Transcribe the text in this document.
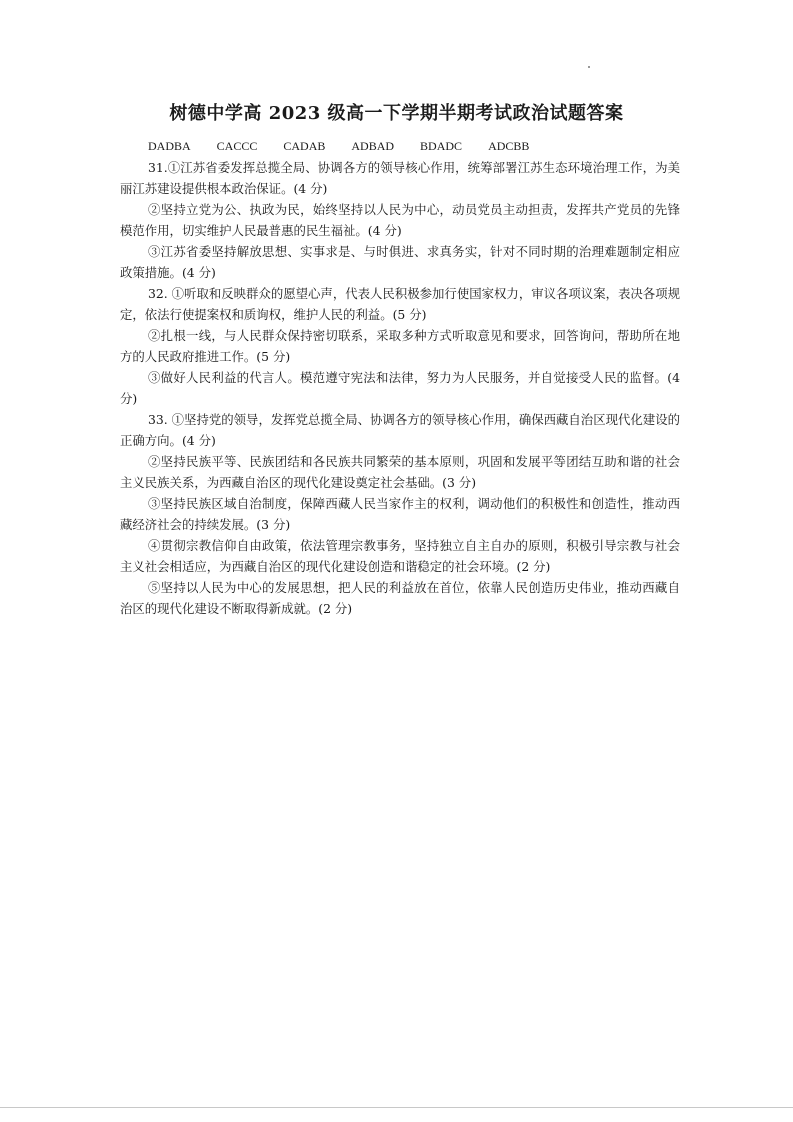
树德中学高 2023 级高一下学期半期考试政治试题答案
DADBA CACCC CADAB ADBAD BDADC ADCBB

31.①江苏省委发挥总揽全局、协调各方的领导核心作用，统筹部署江苏生态环境治理工作，为美丽江苏建设提供根本政治保证。(4 分)

②坚持立党为公、执政为民，始终坚持以人民为中心，动员党员主动担责，发挥共产党员的先锋模范作用，切实维护人民最普惠的民生福祉。(4 分)

③江苏省委坚持解放思想、实事求是、与时俱进、求真务实，针对不同时期的治理难题制定相应政策措施。(4 分)

32. ①听取和反映群众的愿望心声，代表人民积极参加行使国家权力，审议各项议案，表决各项规定，依法行使提案权和质询权，维护人民的利益。(5 分)

②扎根一线，与人民群众保持密切联系，采取多种方式听取意见和要求，回答询问，帮助所在地方的人民政府推进工作。(5 分)

③做好人民利益的代言人。模范遵守宪法和法律，努力为人民服务，并自觉接受人民的监督。(4 分)

33. ①坚持党的领导，发挥党总揽全局、协调各方的领导核心作用，确保西藏自治区现代化建设的正确方向。(4 分)

②坚持民族平等、民族团结和各民族共同繁荣的基本原则，巩固和发展平等团结互助和谐的社会主义民族关系，为西藏自治区的现代化建设奠定社会基础。(3 分)

③坚持民族区域自治制度，保障西藏人民当家作主的权利，调动他们的积极性和创造性，推动西藏经济社会的持续发展。(3 分)

④贯彻宗教信仰自由政策，依法管理宗教事务，坚持独立自主自办的原则，积极引导宗教与社会主义社会相适应，为西藏自治区的现代化建设创造和谐稳定的社会环境。(2 分)

⑤坚持以人民为中心的发展思想，把人民的利益放在首位，依靠人民创造历史伟业，推动西藏自治区的现代化建设不断取得新成就。(2 分)
